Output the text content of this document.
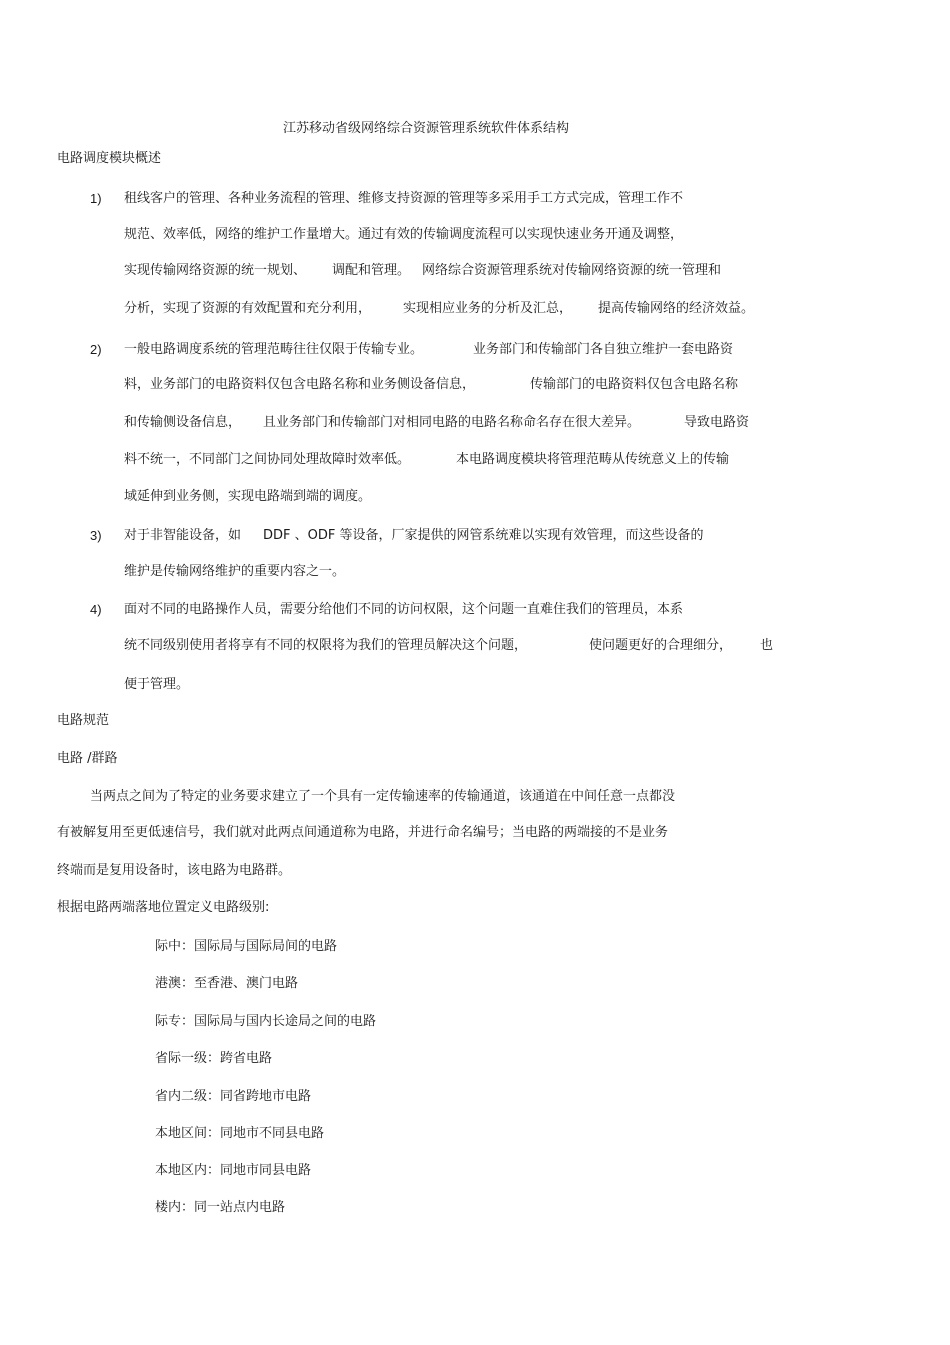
江苏移动省级网络综合资源管理系统软件体系结构
电路调度模块概述
1) 租线客户的管理、各种业务流程的管理、维修支持资源的管理等多采用手工方式完成，管理工作不
规范、效率低，网络的维护工作量增大。通过有效的传输调度流程可以实现快速业务开通及调整，
实现传输网络资源的统一规划、 调配和管理。 网络综合资源管理系统对传输网络资源的统一管理和
分析，实现了资源的有效配置和充分利用， 实现相应业务的分析及汇总， 提高传输网络的经济效益。
2) 一般电路调度系统的管理范畴往往仅限于传输专业。	业务部门和传输部门各自独立维护一套电路资
料，业务部门的电路资料仅包含电路名称和业务侧设备信息，	传输部门的电路资料仅包含电路名称
和传输侧设备信息， 且业务部门和传输部门对相同电路的电路名称命名存在很大差异。	导致电路资
料不统一，不同部门之间协同处理故障时效率低。	本电路调度模块将管理范畴从传统意义上的传输
域延伸到业务侧，实现电路端到端的调度。
3) 对于非智能设备，如 DDF 、ODF 等设备，厂家提供的网管系统难以实现有效管理，而这些设备的
维护是传输网络维护的重要内容之一。
4) 面对不同的电路操作人员，需要分给他们不同的访问权限，这个问题一直难住我们的管理员，本系
统不同级别使用者将享有不同的权限将为我们的管理员解决这个问题，	使问题更好的合理细分， 也
便于管理。
电路规范
电路 /群路
当两点之间为了特定的业务要求建立了一个具有一定传输速率的传输通道，该通道在中间任意一点都没
有被解复用至更低速信号，我们就对此两点间通道称为电路，并进行命名编号；当电路的两端接的不是业务
终端而是复用设备时，该电路为电路群。
根据电路两端落地位置定义电路级别:
际中：国际局与国际局间的电路
港澳：至香港、澳门电路
际专：国际局与国内长途局之间的电路
省际一级：跨省电路
省内二级：同省跨地市电路
本地区间：同地市不同县电路
本地区内：同地市同县电路
楼内：同一站点内电路
